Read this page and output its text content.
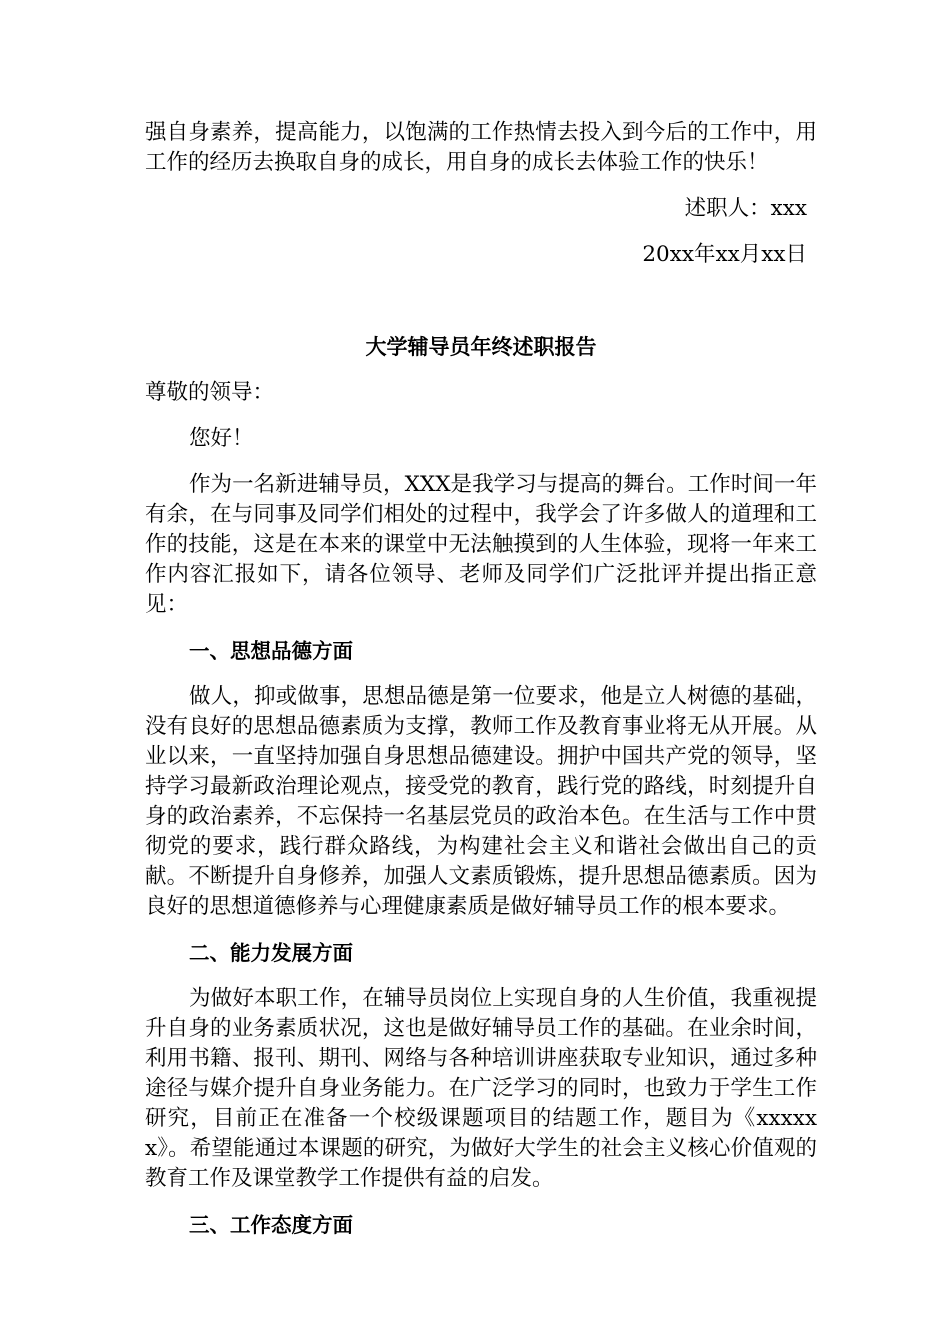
强自身素养，提高能力，以饱满的工作热情去投入到今后的工作中，用工作的经历去换取自身的成长，用自身的成长去体验工作的快乐！

述职人：xxx

20xx年xx月xx日

大学辅导员年终述职报告

尊敬的领导：

您好！

作为一名新进辅导员，XXX是我学习与提高的舞台。工作时间一年有余，在与同事及同学们相处的过程中，我学会了许多做人的道理和工作的技能，这是在本来的课堂中无法触摸到的人生体验，现将一年来工作内容汇报如下，请各位领导、老师及同学们广泛批评并提出指正意见：

一、思想品德方面

做人，抑或做事，思想品德是第一位要求，他是立人树德的基础，没有良好的思想品德素质为支撑，教师工作及教育事业将无从开展。从业以来，一直坚持加强自身思想品德建设。拥护中国共产党的领导，坚持学习最新政治理论观点，接受党的教育，践行党的路线，时刻提升自身的政治素养，不忘保持一名基层党员的政治本色。在生活与工作中贯彻党的要求，践行群众路线，为构建社会主义和谐社会做出自己的贡献。不断提升自身修养，加强人文素质锻炼，提升思想品德素质。因为良好的思想道德修养与心理健康素质是做好辅导员工作的根本要求。

二、能力发展方面

为做好本职工作，在辅导员岗位上实现自身的人生价值，我重视提升自身的业务素质状况，这也是做好辅导员工作的基础。在业余时间，利用书籍、报刊、期刊、网络与各种培训讲座获取专业知识，通过多种途径与媒介提升自身业务能力。在广泛学习的同时，也致力于学生工作研究，目前正在准备一个校级课题项目的结题工作，题目为《xxxxxx》。希望能通过本课题的研究，为做好大学生的社会主义核心价值观的教育工作及课堂教学工作提供有益的启发。

三、工作态度方面
